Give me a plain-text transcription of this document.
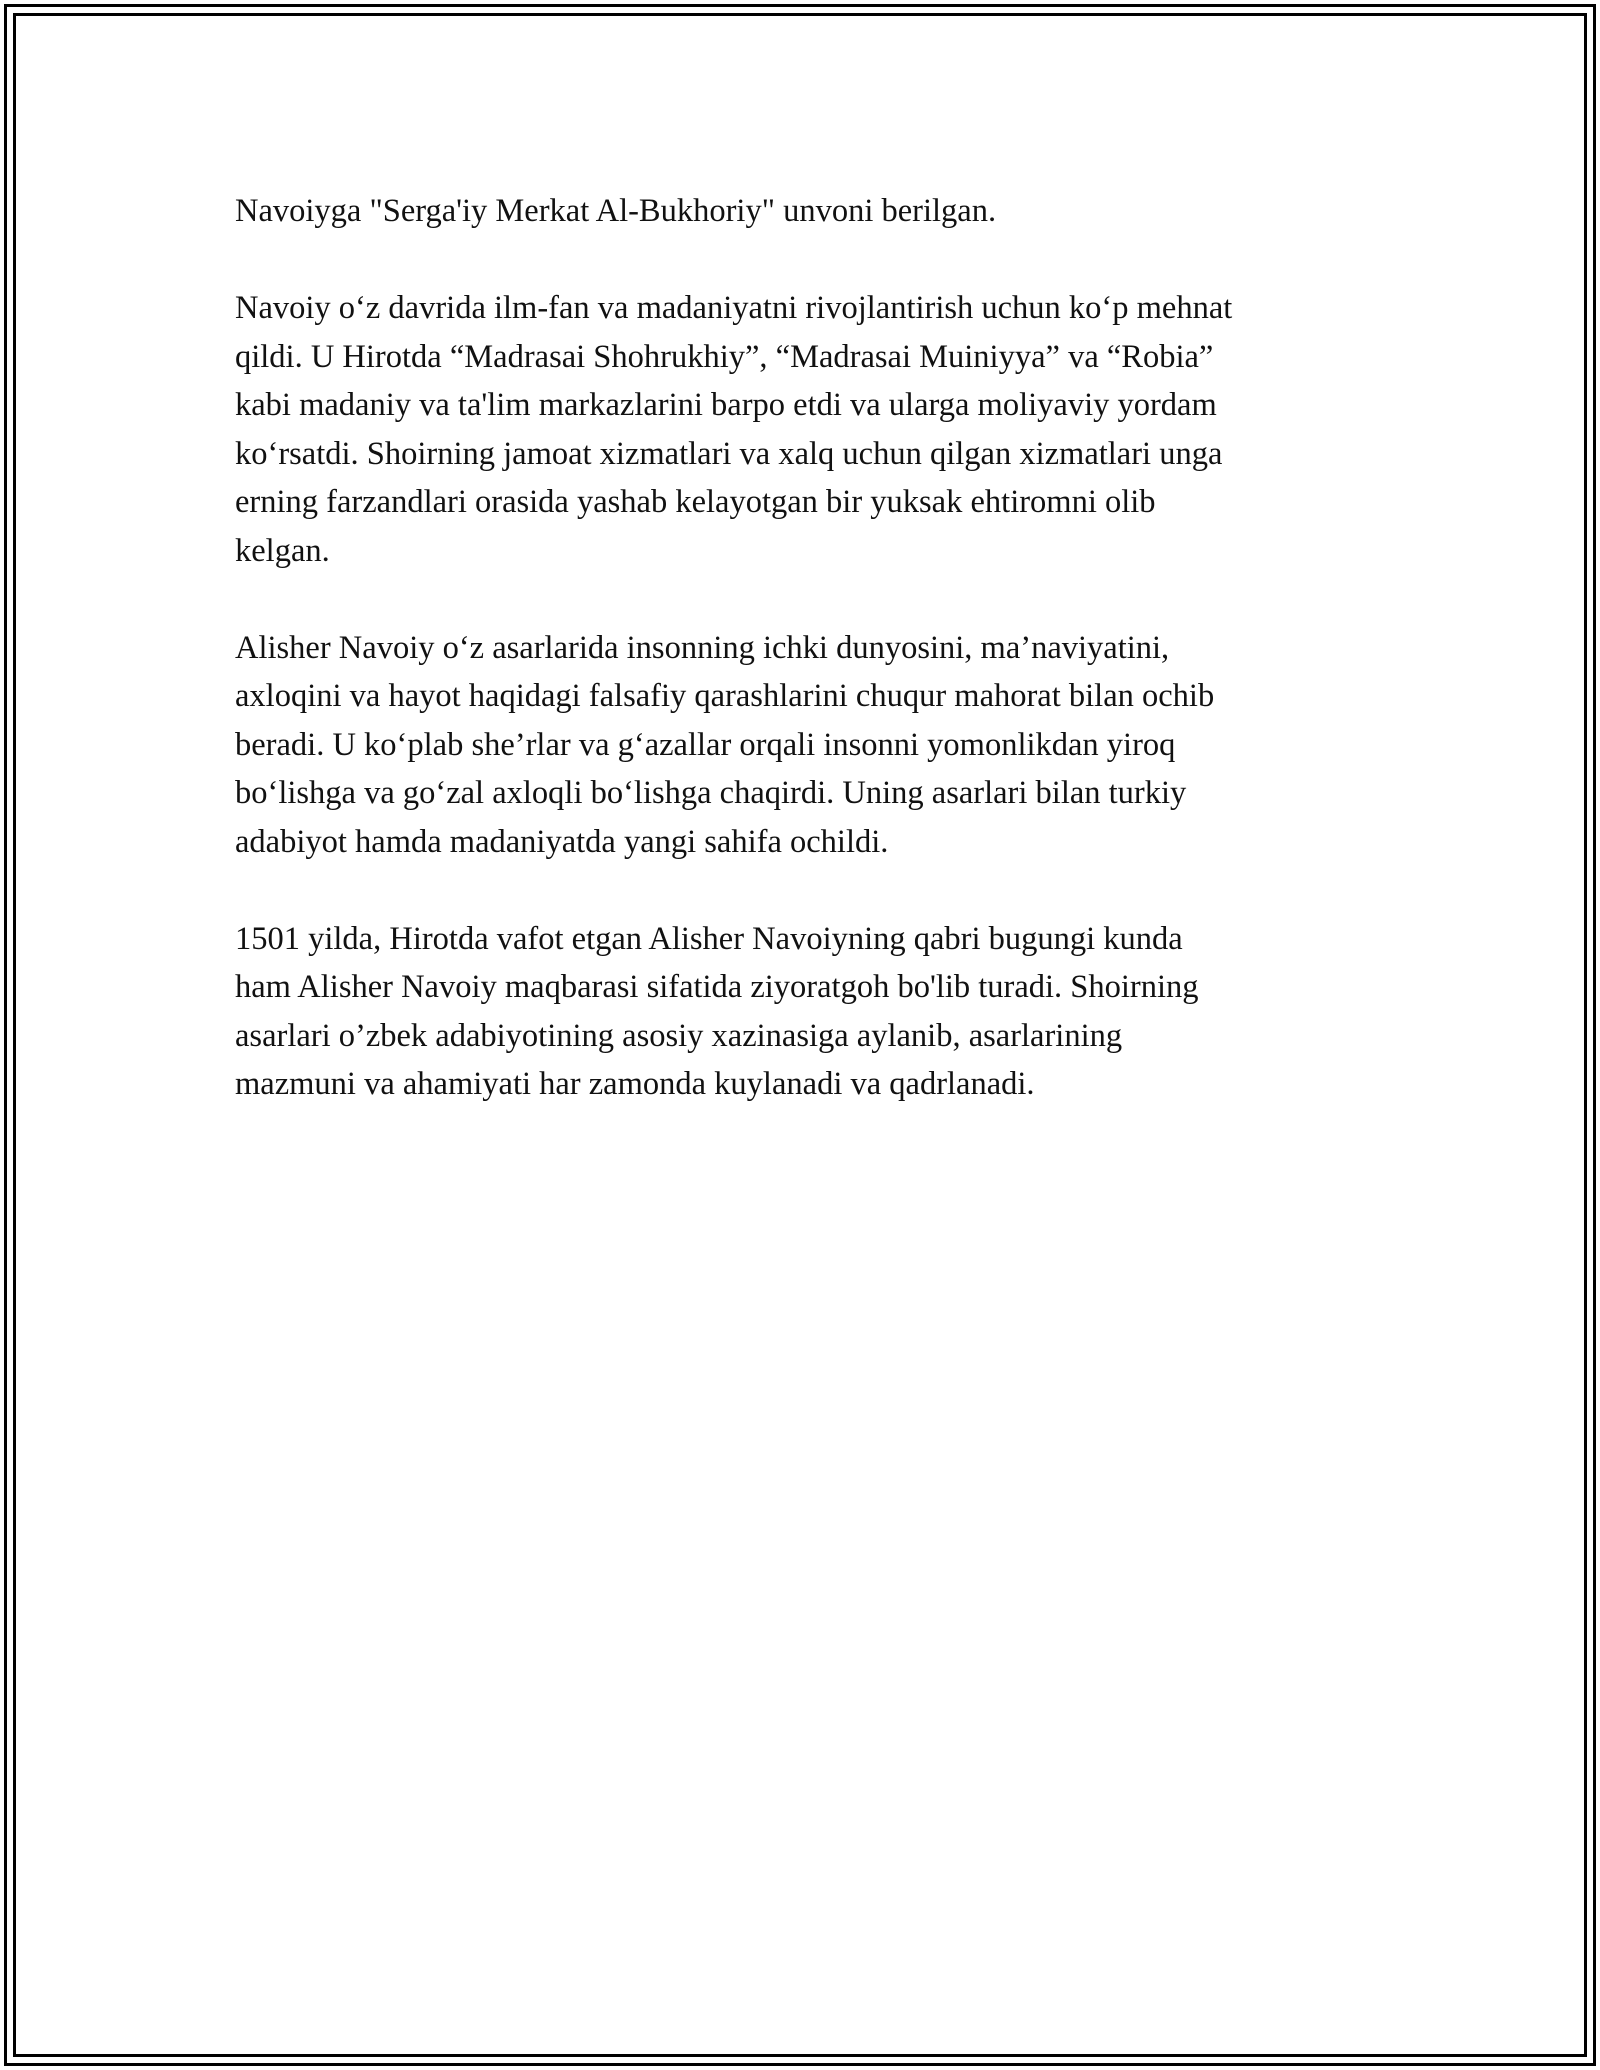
Navoiyga "Serga'iy Merkat Al-Bukhoriy" unvoni berilgan.

Navoiy o‘z davrida ilm-fan va madaniyatni rivojlantirish uchun ko‘p mehnat
qildi. U Hirotda “Madrasai Shohrukhiy”, “Madrasai Muiniyya” va “Robia”
kabi madaniy va ta'lim markazlarini barpo etdi va ularga moliyaviy yordam
ko‘rsatdi. Shoirning jamoat xizmatlari va xalq uchun qilgan xizmatlari unga
erning farzandlari orasida yashab kelayotgan bir yuksak ehtiromni olib
kelgan.

Alisher Navoiy o‘z asarlarida insonning ichki dunyosini, ma’naviyatini,
axloqini va hayot haqidagi falsafiy qarashlarini chuqur mahorat bilan ochib
beradi. U ko‘plab she’rlar va g‘azallar orqali insonni yomonlikdan yiroq
bo‘lishga va go‘zal axloqli bo‘lishga chaqirdi. Uning asarlari bilan turkiy
adabiyot hamda madaniyatda yangi sahifa ochildi.

1501 yilda, Hirotda vafot etgan Alisher Navoiyning qabri bugungi kunda
ham Alisher Navoiy maqbarasi sifatida ziyoratgoh bo'lib turadi. Shoirning
asarlari o’zbek adabiyotining asosiy xazinasiga aylanib, asarlarining
mazmuni va ahamiyati har zamonda kuylanadi va qadrlanadi.
